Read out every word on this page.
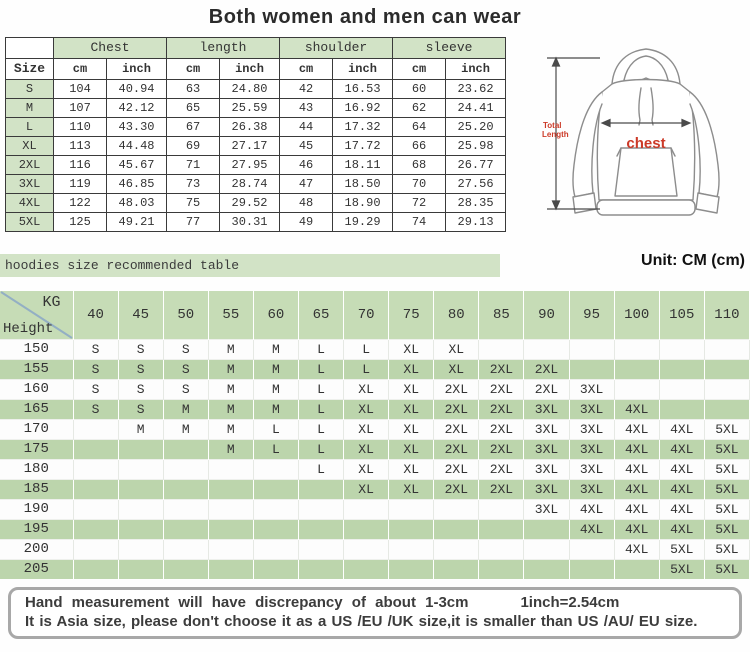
Both women and men can wear
	Chest		length		shoulder		sleeve	
Size	cm	inch	cm	inch	cm	inch	cm	inch
S	104	40.94	63	24.80	42	16.53	60	23.62
M	107	42.12	65	25.59	43	16.92	62	24.41
L	110	43.30	67	26.38	44	17.32	64	25.20
XL	113	44.48	69	27.17	45	17.72	66	25.98
2XL	116	45.67	71	27.95	46	18.11	68	26.77
3XL	119	46.85	73	28.74	47	18.50	70	27.56
4XL	122	48.03	75	29.52	48	18.90	72	28.35
5XL	125	49.21	77	30.31	49	19.29	74	29.13
chest
Total Length
hoodies size recommended table	Unit: CM (cm)
KG
Height	40	45	50	55	60	65	70	75	80	85	90	95	100	105	110
150	S	S	S	M	M	L	L	XL	XL						
155	S	S	S	M	M	L	L	XL	XL	2XL	2XL				
160	S	S	S	M	M	L	XL	XL	2XL	2XL	2XL	3XL			
165	S	S	M	M	M	L	XL	XL	2XL	2XL	3XL	3XL	4XL		
170		M	M	M	L	L	XL	XL	2XL	2XL	3XL	3XL	4XL	4XL	5XL
175				M	L	L	XL	XL	2XL	2XL	3XL	3XL	4XL	4XL	5XL
180						L	XL	XL	2XL	2XL	3XL	3XL	4XL	4XL	5XL
185							XL	XL	2XL	2XL	3XL	3XL	4XL	4XL	5XL
190											3XL	4XL	4XL	4XL	5XL
195												4XL	4XL	4XL	5XL
200													4XL	5XL	5XL
205														5XL	5XL
Hand measurement will have discrepancy of about 1-3cm	1inch=2.54cm
It is Asia size, please don't choose it as a US /EU /UK size,it is smaller than US /AU/ EU size.
